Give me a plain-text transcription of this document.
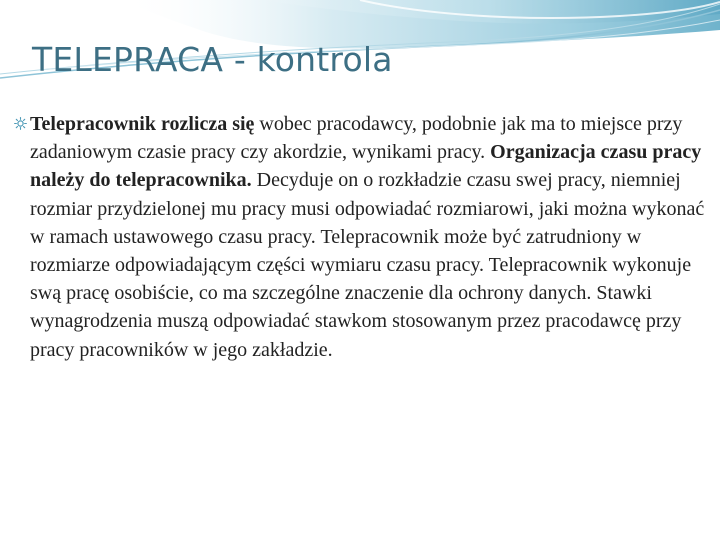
TELEPRACA - kontrola

Telepracownik rozlicza się wobec pracodawcy, podobnie jak ma to miejsce przy zadaniowym czasie pracy czy akordzie, wynikami pracy. Organizacja czasu pracy należy do telepracownika. Decyduje on o rozkładzie czasu swej pracy, niemniej rozmiar przydzielonej mu pracy musi odpowiadać rozmiarowi, jaki można wykonać w ramach ustawowego czasu pracy. Telepracownik może być zatrudniony w rozmiarze odpowiadającym części wymiaru czasu pracy. Telepracownik wykonuje swą pracę osobiście, co ma szczególne znaczenie dla ochrony danych. Stawki wynagrodzenia muszą odpowiadać stawkom stosowanym przez pracodawcę przy pracy pracowników w jego zakładzie.
